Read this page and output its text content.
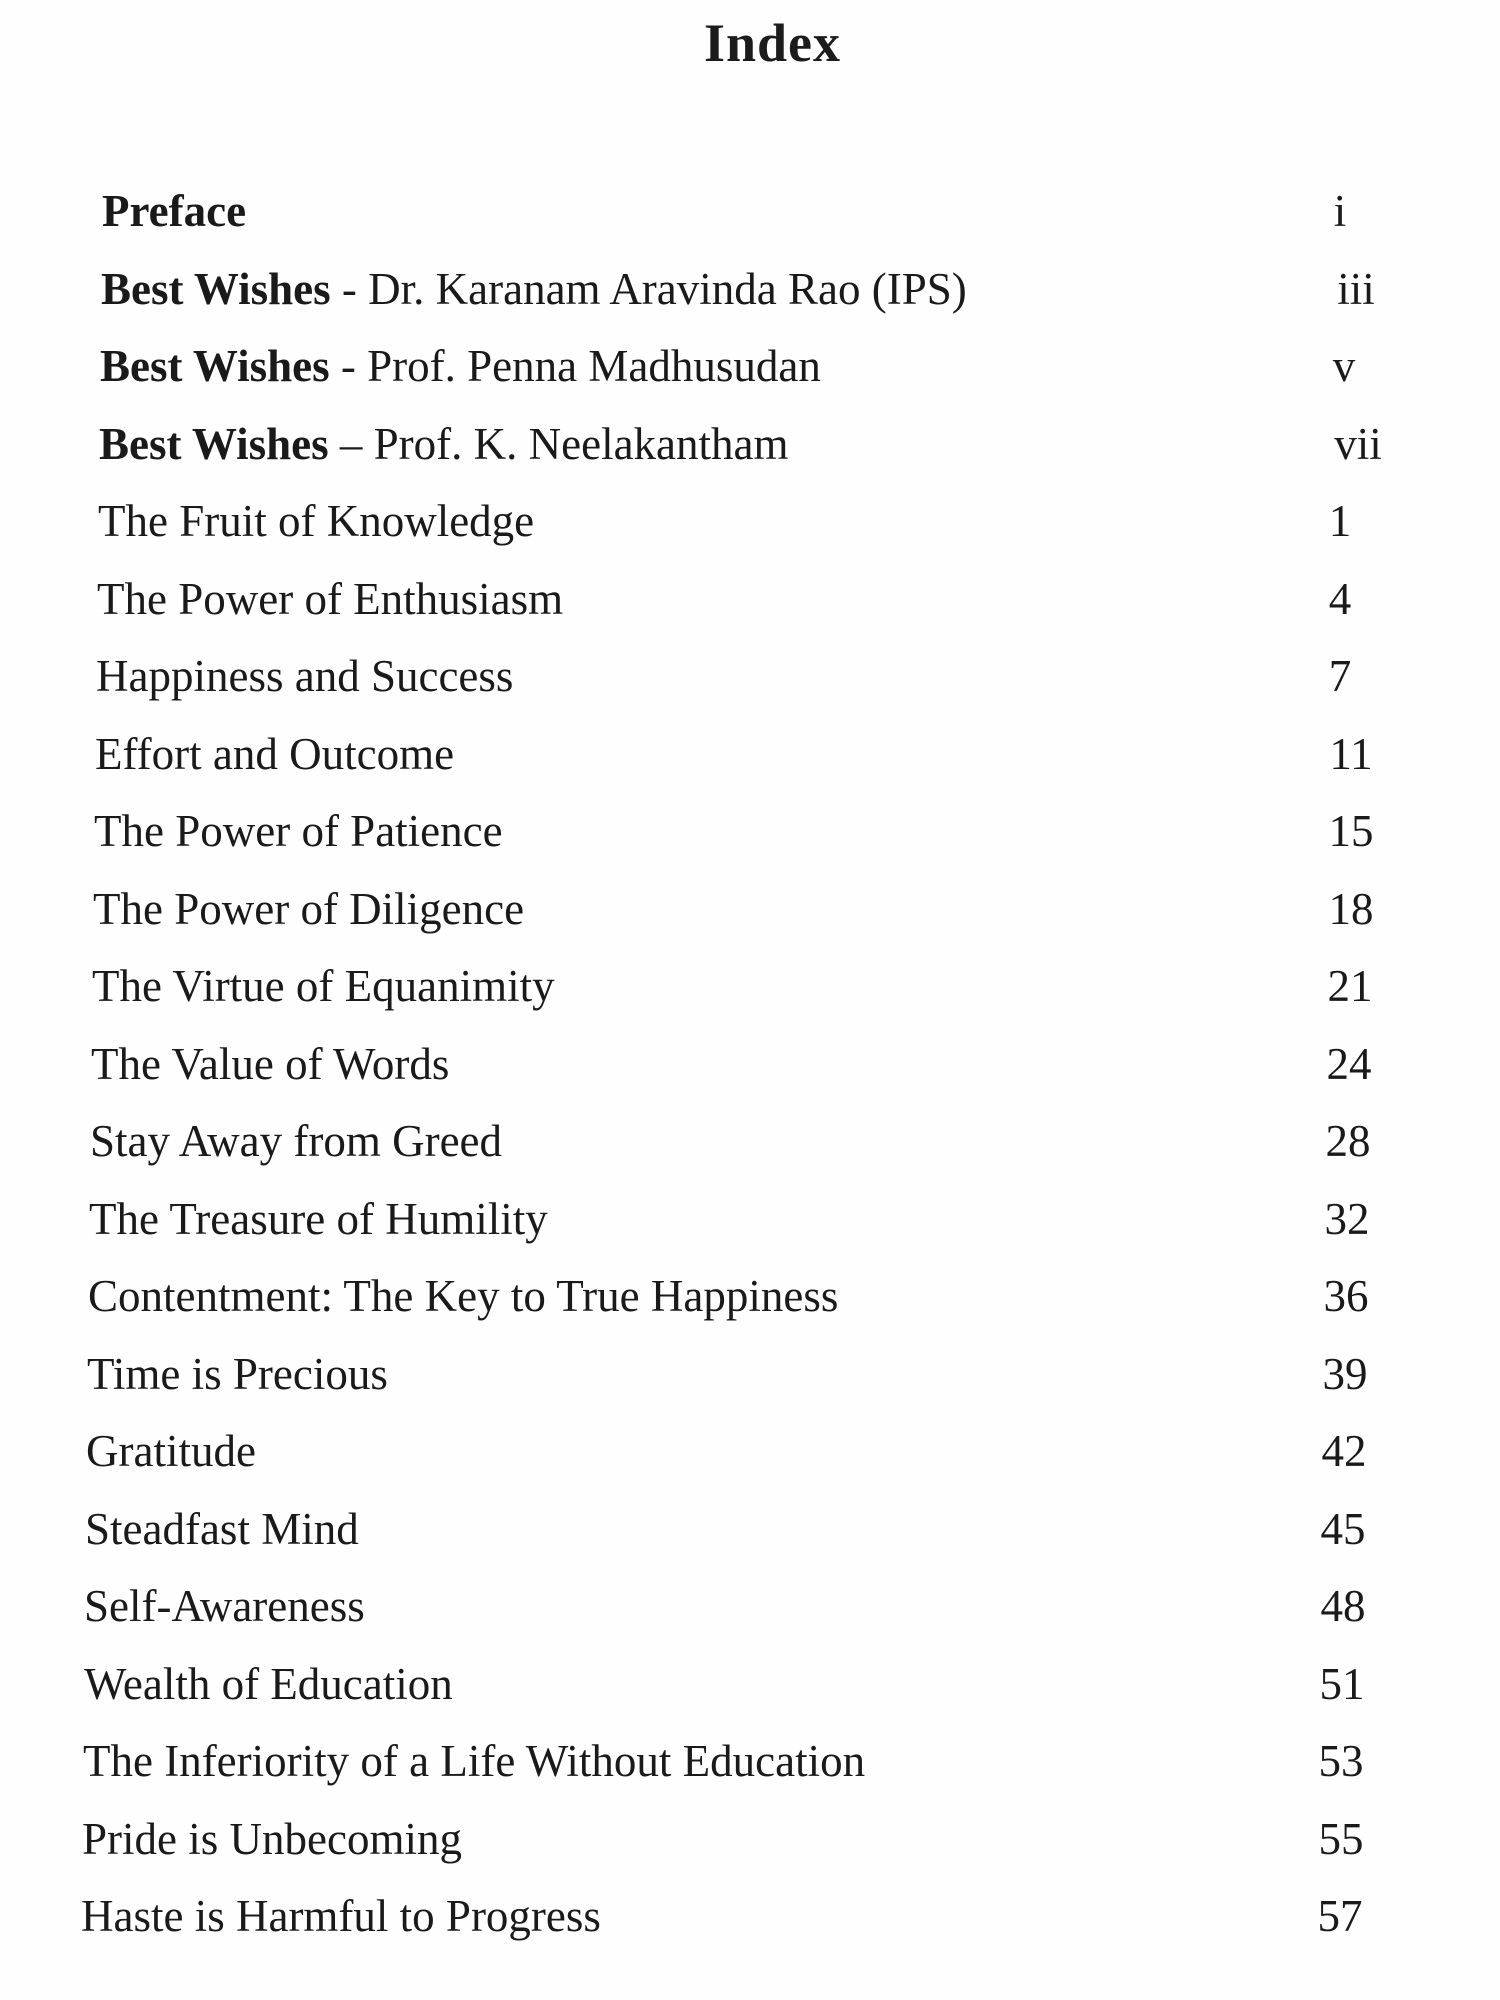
Index
Preface	i
Best Wishes - Dr. Karanam Aravinda Rao (IPS)	iii
Best Wishes - Prof. Penna Madhusudan	v
Best Wishes – Prof. K. Neelakantham	vii
The Fruit of Knowledge	1
The Power of Enthusiasm	4
Happiness and Success	7
Effort and Outcome	11
The Power of Patience	15
The Power of Diligence	18
The Virtue of Equanimity	21
The Value of Words	24
Stay Away from Greed	28
The Treasure of Humility	32
Contentment: The Key to True Happiness	36
Time is Precious	39
Gratitude	42
Steadfast Mind	45
Self-Awareness	48
Wealth of Education	51
The Inferiority of a Life Without Education	53
Pride is Unbecoming	55
Haste is Harmful to Progress	57
